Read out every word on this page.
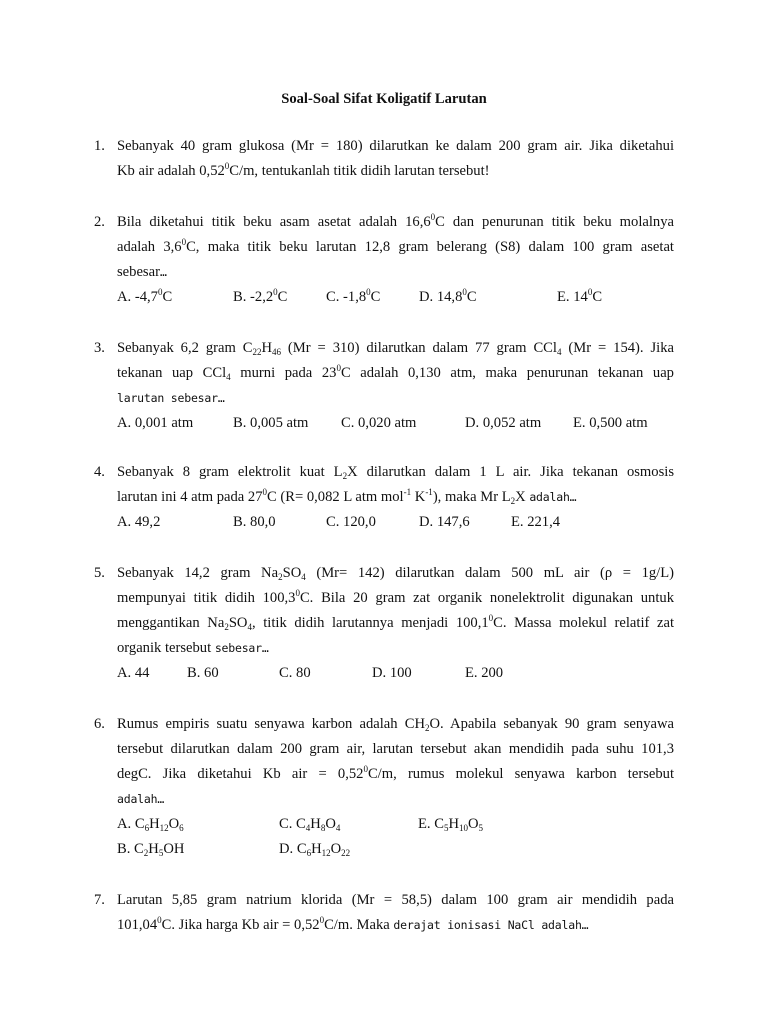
Soal-Soal Sifat Koligatif Larutan
1. Sebanyak 40 gram glukosa (Mr = 180) dilarutkan ke dalam 200 gram air. Jika diketahui
Kb air adalah 0,52$^0$C/m, tentukanlah titik didih larutan tersebut!
2. Bila diketahui titik beku asam asetat adalah 16,6$^0$C dan penurunan titik beku molalnya
adalah $3,6^0C$, maka titik beku larutan 12,8 gram belerang (S8) dalam 100 gram asetat
sebesar…
A. $-4,7^0C$	B. $-2,2^0C$	C. $-1,8^0C$	D. 14,8$^0$C	E. $14^0C$
3. Sebanyak 6,2 gram $C_{22}H_{46}$ (Mr = 310) dilarutkan dalam 77 gram CCl$_4$ (Mr = 154). Jika
tekanan uap CCl$_4$ murni pada $23^0C$ adalah 0,130 atm, maka penurunan tekanan uap
larutan sebesar…
A. 0,001 atm	B. 0,005 atm C. 0,020 atm	D. 0,052 atm E. 0,500 atm
4. Sebanyak 8 gram elektrolit kuat $L_2X$ dilarutkan dalam 1 L air. Jika tekanan osmosis
larutan ini 4 atm pada $27^0C$ (R= 0,082 L atm mol$^{-1}$ $K^{-1}$), maka Mr $L_2X$ adalah…
A. 49,2	B. 80,0	C. 120,0	D. 147,6	E. 221,4
5. Sebanyak 14,2 gram $Na_2SO_4$ (Mr= 142) dilarutkan dalam 500 mL air (ρ = 1g/L)
mempunyai titik didih 100,3$^0$C. Bila 20 gram zat organik nonelektrolit digunakan untuk
menggantikan $Na_2SO_4$, titik didih larutannya menjadi 100,1$^0$C. Massa molekul relatif zat
organik tersebut sebesar…
A. 44	B. 60	C. 80	D. 100	E. 200
6. Rumus empiris suatu senyawa karbon adalah $CH_2O$. Apabila sebanyak 90 gram senyawa
tersebut dilarutkan dalam 200 gram air, larutan tersebut akan mendidih pada suhu 101,3
degC. Jika diketahui Kb air = $0,52^0C/m$, rumus molekul senyawa karbon tersebut
adalah…
A. $C_6H_{12}O_6$	C. $C_4H_8O_4$	E. $C_5H_{10}O_5$
B. $C_2H_5OH$	D. $C_6H_{12}O_{22}$
7. Larutan 5,85 gram natrium klorida (Mr = 58,5) dalam 100 gram air mendidih pada
101,04$^0$C. Jika harga Kb air = $0,52^0C/m$. Maka derajat ionisasi NaCl adalah…
